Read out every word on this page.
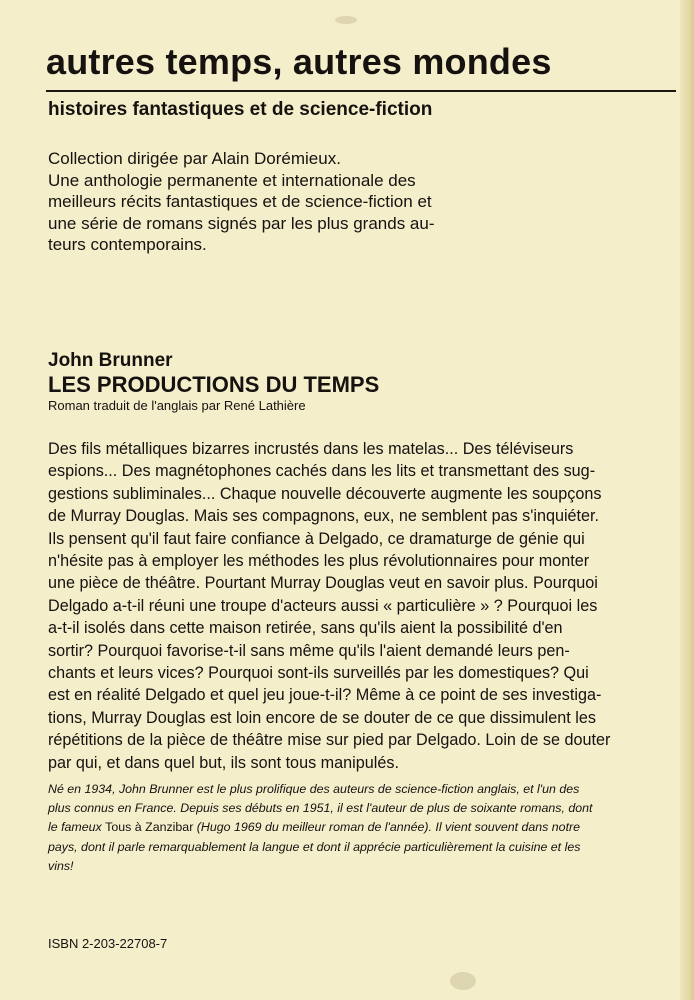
autres temps, autres mondes
histoires fantastiques et de science-fiction

Collection dirigée par Alain Dorémieux.
Une anthologie permanente et internationale des
meilleurs récits fantastiques et de science-fiction et
une série de romans signés par les plus grands au-
teurs contemporains.

John Brunner

LES PRODUCTIONS DU TEMPS

Roman traduit de l'anglais par René Lathière

Des fils métalliques bizarres incrustés dans les matelas... Des téléviseurs
espions... Des magnétophones cachés dans les lits et transmettant des sug-
gestions subliminales... Chaque nouvelle découverte augmente les soupçons
de Murray Douglas. Mais ses compagnons, eux, ne semblent pas s'inquiéter.
Ils pensent qu'il faut faire confiance à Delgado, ce dramaturge de génie qui
n'hésite pas à employer les méthodes les plus révolutionnaires pour monter
une pièce de théâtre. Pourtant Murray Douglas veut en savoir plus. Pourquoi
Delgado a-t-il réuni une troupe d'acteurs aussi « particulière » ? Pourquoi les
a-t-il isolés dans cette maison retirée, sans qu'ils aient la possibilité d'en
sortir? Pourquoi favorise-t-il sans même qu'ils l'aient demandé leurs pen-
chants et leurs vices? Pourquoi sont-ils surveillés par les domestiques? Qui
est en réalité Delgado et quel jeu joue-t-il? Même à ce point de ses investiga-
tions, Murray Douglas est loin encore de se douter de ce que dissimulent les
répétitions de la pièce de théâtre mise sur pied par Delgado. Loin de se douter
par qui, et dans quel but, ils sont tous manipulés.

Né en 1934, John Brunner est le plus prolifique des auteurs de science-fiction anglais, et l'un des
plus connus en France. Depuis ses débuts en 1951, il est l'auteur de plus de soixante romans, dont
le fameux Tous à Zanzibar (Hugo 1969 du meilleur roman de l'année). Il vient souvent dans notre
pays, dont il parle remarquablement la langue et dont il apprécie particulièrement la cuisine et les
vins!

ISBN 2-203-22708-7
